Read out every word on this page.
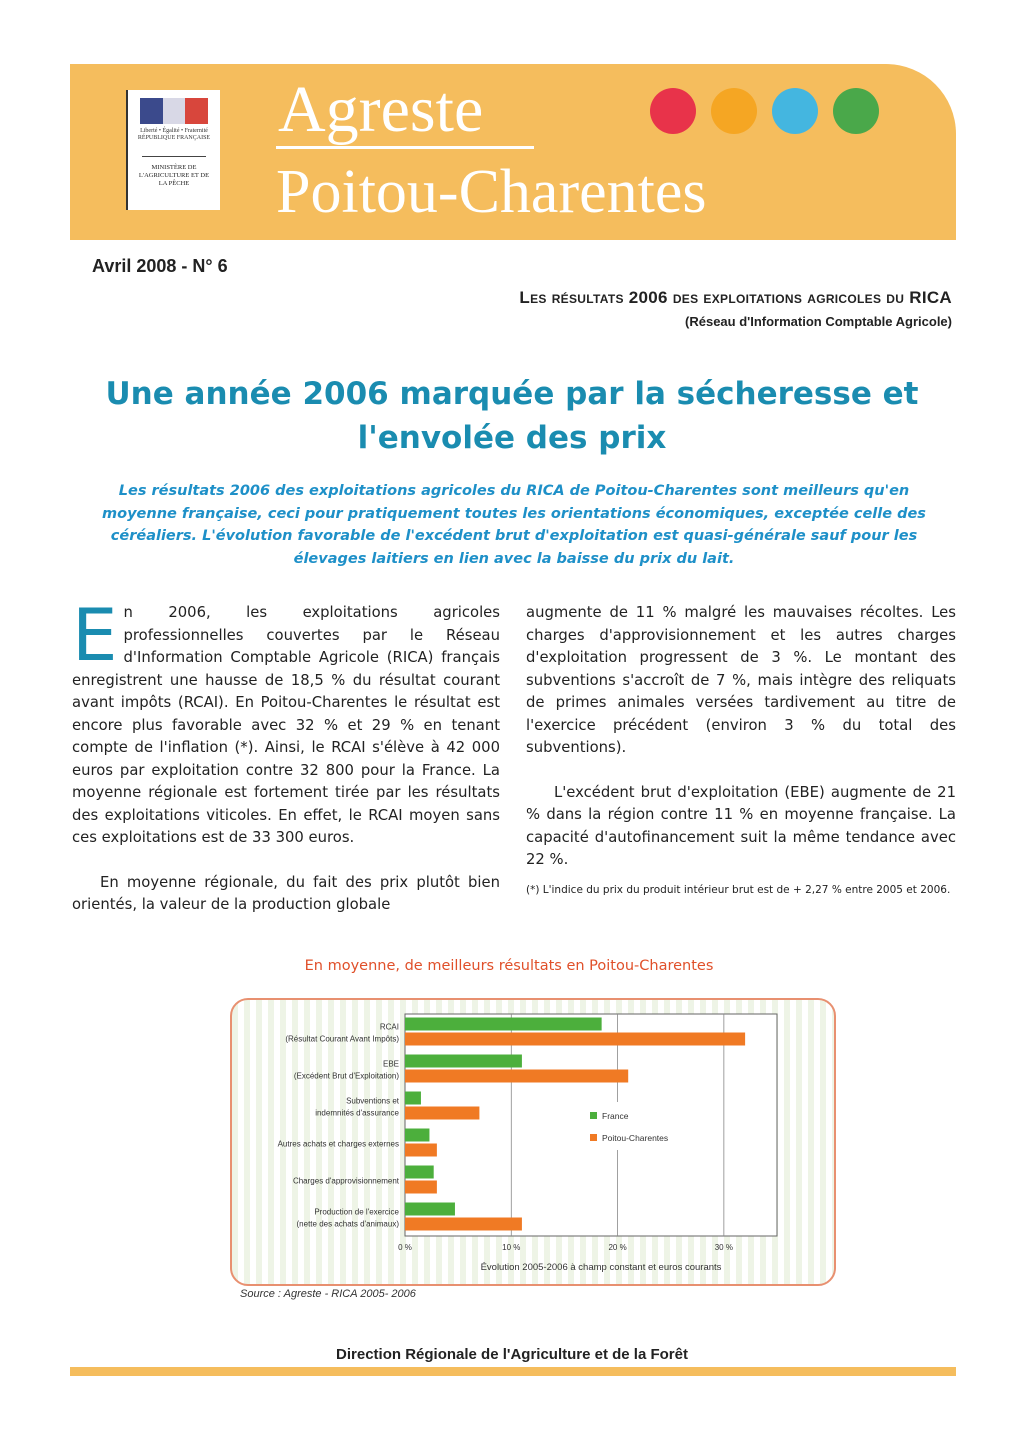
Liberté • Égalité • Fraternité RÉPUBLIQUE FRANÇAISE
MINISTÈRE DE L'AGRICULTURE ET DE LA PÊCHE
Agreste
Poitou-Charentes
Avril 2008 - N° 6
Les résultats 2006 des exploitations agricoles du RICA
(Réseau d'Information Comptable Agricole)
Une année 2006 marquée par la sécheresse et l'envolée des prix
Les résultats 2006 des exploitations agricoles du RICA de Poitou-Charentes sont meilleurs qu'en moyenne française, ceci pour pratiquement toutes les orientations économiques, exceptée celle des céréaliers. L'évolution favorable de l'excédent brut d'exploitation est quasi-générale sauf pour les élevages laitiers en lien avec la baisse du prix du lait.

En 2006, les exploitations agricoles professionnelles couvertes par le Réseau d'Information Comptable Agricole (RICA) français enregistrent une hausse de 18,5 % du résultat courant avant impôts (RCAI). En Poitou-Charentes le résultat est encore plus favorable avec 32 % et 29 % en tenant compte de l'inflation (*). Ainsi, le RCAI s'élève à 42 000 euros par exploitation contre 32 800 pour la France. La moyenne régionale est fortement tirée par les résultats des exploitations viticoles. En effet, le RCAI moyen sans ces exploitations est de 33 300 euros.

En moyenne régionale, du fait des prix plutôt bien orientés, la valeur de la production globale

augmente de 11 % malgré les mauvaises récoltes. Les charges d'approvisionnement et les autres charges d'exploitation progressent de 3 %. Le montant des subventions s'accroît de 7 %, mais intègre des reliquats de primes animales versées tardivement au titre de l'exercice précédent (environ 3 % du total des subventions).

L'excédent brut d'exploitation (EBE) augmente de 21 % dans la région contre 11 % en moyenne française. La capacité d'autofinancement suit la même tendance avec 22 %.

(*) L'indice du prix du produit intérieur brut est de + 2,27 % entre 2005 et 2006.

En moyenne, de meilleurs résultats en Poitou-Charentes
0 %	10 %	20 %	30 %
RCAI
(Résultat Courant Avant Impôts)
EBE
(Excédent Brut d'Exploitation)
Subventions et
indemnités d'assurance
Autres achats et charges externes
Charges d'approvisionnement
Production de l'exercice
(nette des achats d'animaux)
France
Poitou-Charentes
Évolution 2005-2006 à champ constant et euros courants
Source : Agreste - RICA 2005- 2006
Direction Régionale de l'Agriculture et de la Forêt
